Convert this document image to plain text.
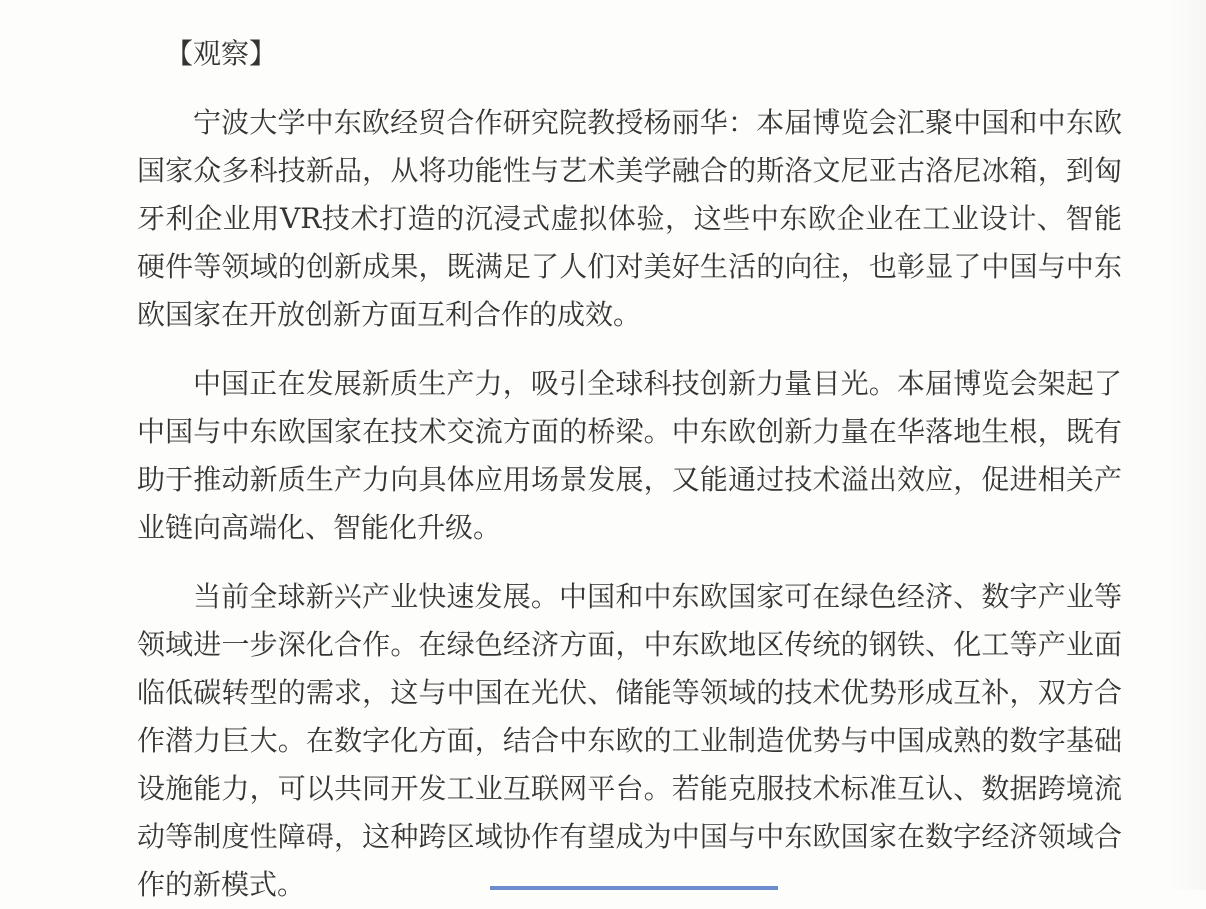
【观察】

宁波大学中东欧经贸合作研究院教授杨丽华：本届博览会汇聚中国和中东欧国家众多科技新品，从将功能性与艺术美学融合的斯洛文尼亚古洛尼冰箱，到匈牙利企业用VR技术打造的沉浸式虚拟体验，这些中东欧企业在工业设计、智能硬件等领域的创新成果，既满足了人们对美好生活的向往，也彰显了中国与中东欧国家在开放创新方面互利合作的成效。

中国正在发展新质生产力，吸引全球科技创新力量目光。本届博览会架起了中国与中东欧国家在技术交流方面的桥梁。中东欧创新力量在华落地生根，既有助于推动新质生产力向具体应用场景发展，又能通过技术溢出效应，促进相关产业链向高端化、智能化升级。

当前全球新兴产业快速发展。中国和中东欧国家可在绿色经济、数字产业等领域进一步深化合作。在绿色经济方面，中东欧地区传统的钢铁、化工等产业面临低碳转型的需求，这与中国在光伏、储能等领域的技术优势形成互补，双方合作潜力巨大。在数字化方面，结合中东欧的工业制造优势与中国成熟的数字基础设施能力，可以共同开发工业互联网平台。若能克服技术标准互认、数据跨境流动等制度性障碍，这种跨区域协作有望成为中国与中东欧国家在数字经济领域合作的新模式。
